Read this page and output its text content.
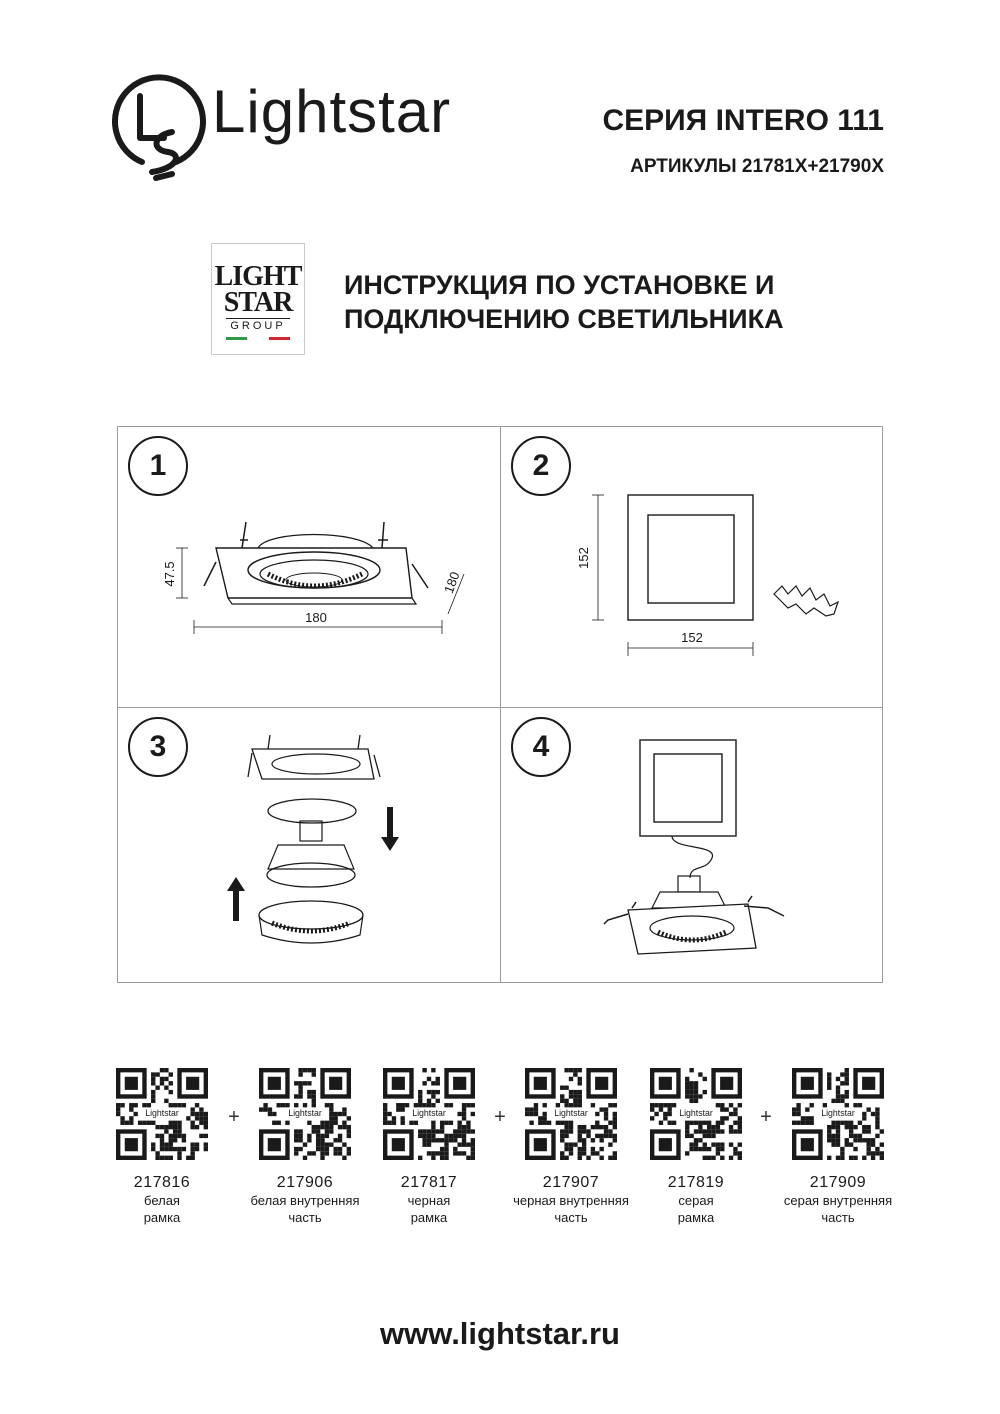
Lightstar	СЕРИЯ INTERO 111
АРТИКУЛЫ 21781X+21790X
LIGHT
STAR
GROUP
ИНСТРУКЦИЯ ПО УСТАНОВКЕ И
ПОДКЛЮЧЕНИЮ СВЕТИЛЬНИКА
1
47.5
180
180
2
152
152
3	4
Lightstar
217816
белая
рамка
+	Lightstar
217906
белая внутренняя
часть
Lightstar
217817
черная
рамка
+	Lightstar
217907
черная внутренняя
часть
Lightstar
217819
серая
рамка
+	Lightstar
217909
серая внутренняя
часть
www.lightstar.ru
